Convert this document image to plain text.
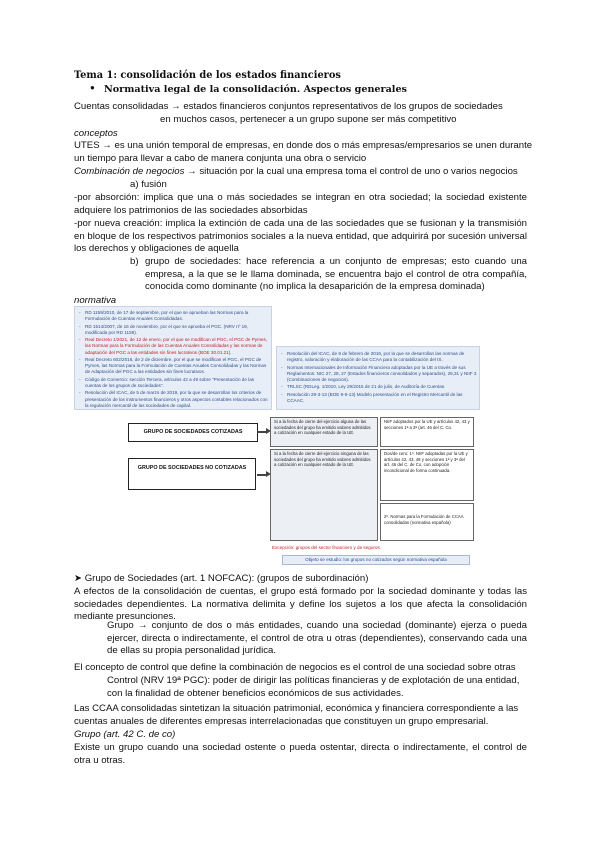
Tema 1: consolidación de los estados financieros
● Normativa legal de la consolidación. Aspectos generales
Cuentas consolidadas → estados financieros conjuntos representativos de los grupos de sociedades
en muchos casos, pertenecer a un grupo supone ser más competitivo
conceptos
UTES → es una unión temporal de empresas, en donde dos o más empresas/empresarios se unen durante un tiempo para llevar a cabo de manera conjunta una obra o servicio
Combinación de negocios → situación por la cual una empresa toma el control de uno o varios negocios
a) fusión
-por absorción: implica que una o más sociedades se integran en otra sociedad; la sociedad existente adquiere los patrimonios de las sociedades absorbidas
-por nueva creación: implica la extinción de cada una de las sociedades que se fusionan y la transmisión en bloque de los respectivos patrimonios sociales a la nueva entidad, que adquirirá por sucesión universal los derechos y obligaciones de aquella
b) grupo de sociedades: hace referencia a un conjunto de empresas; esto cuando una empresa, a la que se le llama dominada, se encuentra bajo el control de otra compañía, conocida como dominante (no implica la desaparición de la empresa dominada)
normativa
- RD 1159/2010, de 17 de septiembre, por el que se aprueban las Normas para la Formulación de Cuentas Anuales Consolidadas.
- RD 1514/2007, de 16 de noviembre, por el que se aprueba el PGC. (NRV nº 19, modificada por RD 1159).
- Real Decreto 1/2021, de 12 de enero, por el que se modifican el PGC, el PGC de Pymes, las Normas para la Formulación de las Cuentas Anuales Consolidadas y las normas de adaptación del PGC a las entidades sin fines lucrativos (BOE 30.01.21).
- Real Decreto 602/2016, de 2 de diciembre, por el que se modifican el PGC, el PGC de Pymes, las Normas para la Formulación de Cuentas Anuales Consolidadas y las Normas de Adaptación del PGC a las entidades sin fines lucrativos.
- Código de Comercio: sección Tercera, artículos 42 a 49 sobre "Presentación de las cuentas de los grupos de sociedades".
- Resolución del ICAC, de 5 de marzo de 2019, por la que se desarrollan los criterios de presentación de los instrumentos financieros y otros aspectos contables relacionados con la regulación mercantil de las sociedades de capital.
- Resolución del ICAC, de 9 de febrero de 2016, por la que se desarrollan las normas de registro, valoración y elaboración de las CCAA para la contabilización del IS.
- Normas Internacionales de Información Financiera adoptadas por la UE a través de sus Reglamentos: NIC 27, 28, 27 (Estados financieros consolidados y separados), 28,31 y NIIF 3 (Combinaciones de negocios).
- TRLSC (RDLeg. 1/2010, Ley 29/2015 de 21 de julio, de Auditoría de Cuentas.
- Resolución 29-3-13 (BOE 9-5-13) Modelo presentación en el Registro Mercantil de las CCAAC.
GRUPO DE SOCIEDADES COTIZADAS
GRUPO DE SOCIEDADES NO COTIZADAS
Si a la fecha de cierre del ejercicio alguna de las sociedades del grupo ha emitido valores admitidos a cotización en cualquier estado de la UE.
NIIF adoptados por la UE y artículos 42, 43 y secciones 1ª a 3ª (art. 46 del C. Co.
Si a la fecha de cierre del ejercicio ninguna de las sociedades del grupo ha emitido valores admitidos a cotización en cualquier estado de la UE.
Dos/de cero: 1º. NIIF adoptadas por la UE y artículos 42, 43, 48 y secciones 1ª y 3ª del art. 46 del C. de Co. con adopción incondicional de forma continuada.
2º. Normas para la Formulación de CCAA consolidadas (normativa española)
Excepción: grupos del sector financiero y de seguros.
Objeto se estudio: los grupos no cotizados según normativa española
➤ Grupo de Sociedades (art. 1 NOFCAC): (grupos de subordinación)
A efectos de la consolidación de cuentas, el grupo está formado por la sociedad dominante y todas las sociedades dependientes. La normativa delimita y define los sujetos a los que afecta la consolidación mediante presunciones.
Grupo → conjunto de dos o más entidades, cuando una sociedad (dominante) ejerza o pueda ejercer, directa o indirectamente, el control de otra u otras (dependientes), conservando cada una de ellas su propia personalidad jurídica.
El concepto de control que define la combinación de negocios es el control de una sociedad sobre otras
Control (NRV 19ª PGC): poder de dirigir las políticas financieras y de explotación de una entidad, con la finalidad de obtener beneficios económicos de sus actividades.
Las CCAA consolidadas sintetizan la situación patrimonial, económica y financiera correspondiente a las cuentas anuales de diferentes empresas interrelacionadas que constituyen un grupo empresarial.
Grupo (art. 42 C. de co)
Existe un grupo cuando una sociedad ostente o pueda ostentar, directa o indirectamente, el control de otra u otras.
